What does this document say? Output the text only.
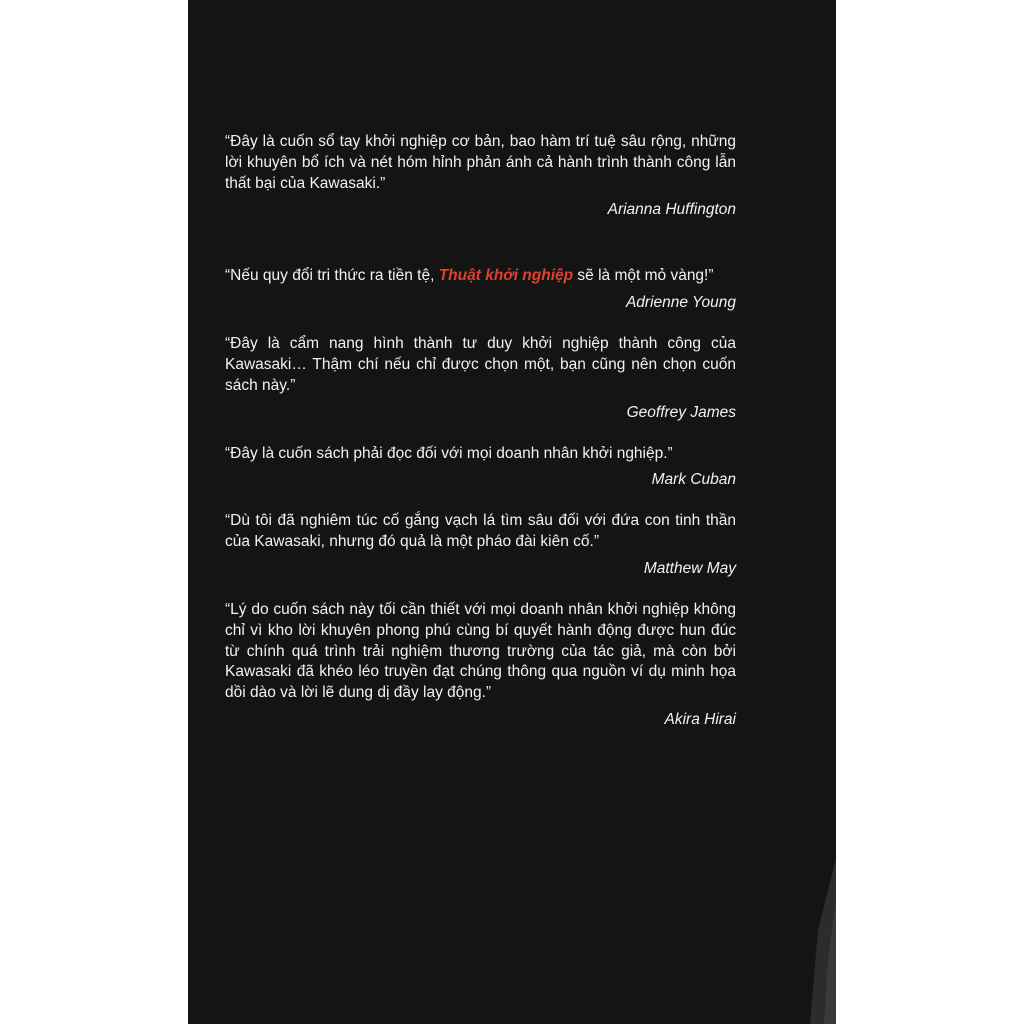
“Đây là cuốn sổ tay khởi nghiệp cơ bản, bao hàm trí tuệ sâu rộng, những lời khuyên bổ ích và nét hóm hỉnh phản ánh cả hành trình thành công lẫn thất bại của Kawasaki.”

Arianna Huffington

“Nếu quy đổi tri thức ra tiền tệ, Thuật khởi nghiệp sẽ là một mỏ vàng!”

Adrienne Young

“Đây là cẩm nang hình thành tư duy khởi nghiệp thành công của Kawasaki… Thậm chí nếu chỉ được chọn một, bạn cũng nên chọn cuốn sách này.”

Geoffrey James

“Đây là cuốn sách phải đọc đối với mọi doanh nhân khởi nghiệp.”

Mark Cuban

“Dù tôi đã nghiêm túc cố gắng vạch lá tìm sâu đối với đứa con tinh thần của Kawasaki, nhưng đó quả là một pháo đài kiên cố.”

Matthew May

“Lý do cuốn sách này tối cần thiết với mọi doanh nhân khởi nghiệp không chỉ vì kho lời khuyên phong phú cùng bí quyết hành động được hun đúc từ chính quá trình trải nghiệm thương trường của tác giả, mà còn bởi Kawasaki đã khéo léo truyền đạt chúng thông qua nguồn ví dụ minh họa dồi dào và lời lẽ dung dị đầy lay động.”

Akira Hirai
